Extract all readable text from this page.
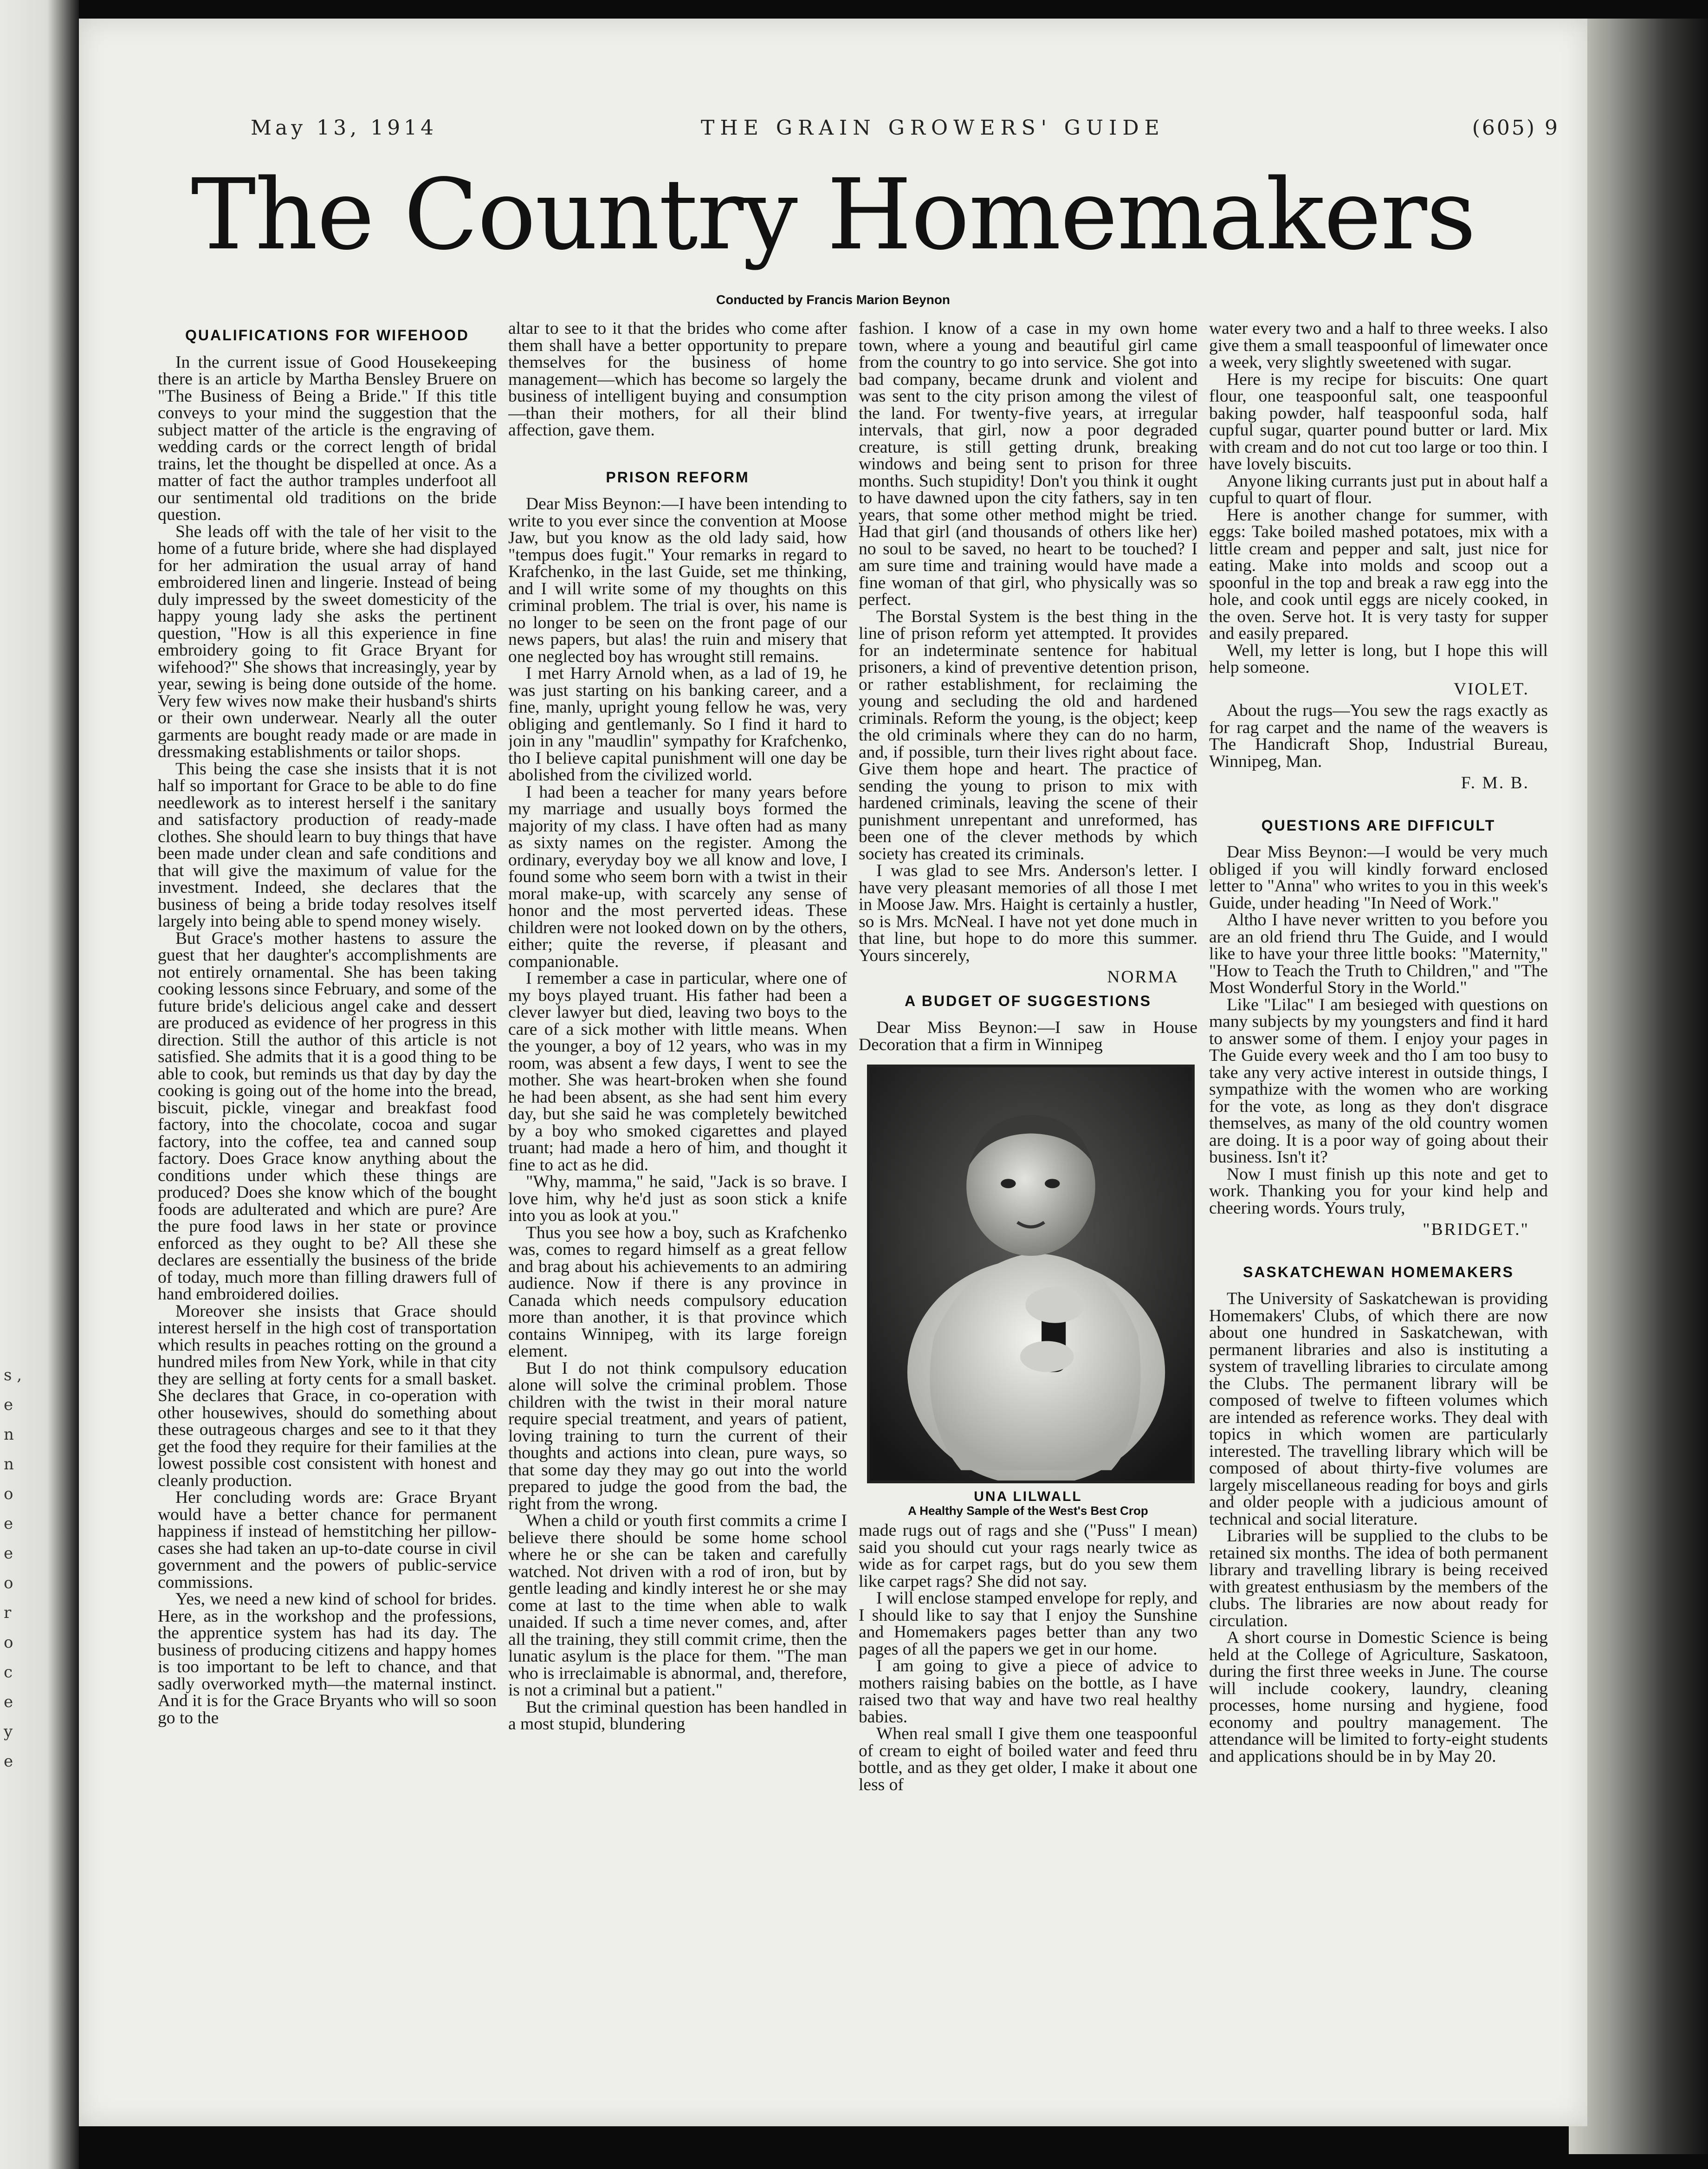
s , e n n o e e o r o c e y e
May 13, 1914	THE GRAIN GROWERS' GUIDE	(605) 9
The Country Homemakers
Conducted by Francis Marion Beynon
QUALIFICATIONS FOR WIFEHOOD

In the current issue of Good Housekeeping there is an article by Martha Bensley Bruere on "The Business of Being a Bride." If this title conveys to your mind the suggestion that the subject matter of the article is the engraving of wedding cards or the correct length of bridal trains, let the thought be dispelled at once. As a matter of fact the author tramples underfoot all our sentimental old traditions on the bride question.

She leads off with the tale of her visit to the home of a future bride, where she had displayed for her admiration the usual array of hand embroidered linen and lingerie. Instead of being duly impressed by the sweet domesticity of the happy young lady she asks the pertinent question, "How is all this experience in fine embroidery going to fit Grace Bryant for wifehood?" She shows that increasingly, year by year, sewing is being done outside of the home. Very few wives now make their husband's shirts or their own underwear. Nearly all the outer garments are bought ready made or are made in dressmaking establishments or tailor shops.

This being the case she insists that it is not half so important for Grace to be able to do fine needlework as to interest herself i the sanitary and satisfactory production of ready-made clothes. She should learn to buy things that have been made under clean and safe conditions and that will give the maximum of value for the investment. Indeed, she declares that the business of being a bride today resolves itself largely into being able to spend money wisely.

But Grace's mother hastens to assure the guest that her daughter's accomplishments are not entirely ornamental. She has been taking cooking lessons since February, and some of the future bride's delicious angel cake and dessert are produced as evidence of her progress in this direction. Still the author of this article is not satisfied. She admits that it is a good thing to be able to cook, but reminds us that day by day the cooking is going out of the home into the bread, biscuit, pickle, vinegar and breakfast food factory, into the chocolate, cocoa and sugar factory, into the coffee, tea and canned soup factory. Does Grace know anything about the conditions under which these things are produced? Does she know which of the bought foods are adulterated and which are pure? Are the pure food laws in her state or province enforced as they ought to be? All these she declares are essentially the business of the bride of today, much more than filling drawers full of hand embroidered doilies.

Moreover she insists that Grace should interest herself in the high cost of transportation which results in peaches rotting on the ground a hundred miles from New York, while in that city they are selling at forty cents for a small basket. She declares that Grace, in co-operation with other housewives, should do something about these outrageous charges and see to it that they get the food they require for their families at the lowest possible cost consistent with honest and cleanly production.

Her concluding words are: Grace Bryant would have a better chance for permanent happiness if instead of hemstitching her pillow-cases she had taken an up-to-date course in civil government and the powers of public-service commissions.

Yes, we need a new kind of school for brides. Here, as in the workshop and the professions, the apprentice system has had its day. The business of producing citizens and happy homes is too important to be left to chance, and that sadly overworked myth—the maternal instinct. And it is for the Grace Bryants who will so soon go to the

altar to see to it that the brides who come after them shall have a better opportunity to prepare themselves for the business of home management—which has become so largely the business of intelligent buying and consumption—than their mothers, for all their blind affection, gave them.

PRISON REFORM

Dear Miss Beynon:—I have been intending to write to you ever since the convention at Moose Jaw, but you know as the old lady said, how "tempus does fugit." Your remarks in regard to Krafchenko, in the last Guide, set me thinking, and I will write some of my thoughts on this criminal problem. The trial is over, his name is no longer to be seen on the front page of our news papers, but alas! the ruin and misery that one neglected boy has wrought still remains.

I met Harry Arnold when, as a lad of 19, he was just starting on his banking career, and a fine, manly, upright young fellow he was, very obliging and gentlemanly. So I find it hard to join in any "maudlin" sympathy for Krafchenko, tho I believe capital punishment will one day be abolished from the civilized world.

I had been a teacher for many years before my marriage and usually boys formed the majority of my class. I have often had as many as sixty names on the register. Among the ordinary, everyday boy we all know and love, I found some who seem born with a twist in their moral make-up, with scarcely any sense of honor and the most perverted ideas. These children were not looked down on by the others, either; quite the reverse, if pleasant and companionable.

I remember a case in particular, where one of my boys played truant. His father had been a clever lawyer but died, leaving two boys to the care of a sick mother with little means. When the younger, a boy of 12 years, who was in my room, was absent a few days, I went to see the mother. She was heart-broken when she found he had been absent, as she had sent him every day, but she said he was completely bewitched by a boy who smoked cigarettes and played truant; had made a hero of him, and thought it fine to act as he did.

"Why, mamma," he said, "Jack is so brave. I love him, why he'd just as soon stick a knife into you as look at you."

Thus you see how a boy, such as Krafchenko was, comes to regard himself as a great fellow and brag about his achievements to an admiring audience. Now if there is any province in Canada which needs compulsory education more than another, it is that province which contains Winnipeg, with its large foreign element.

But I do not think compulsory education alone will solve the criminal problem. Those children with the twist in their moral nature require special treatment, and years of patient, loving training to turn the current of their thoughts and actions into clean, pure ways, so that some day they may go out into the world prepared to judge the good from the bad, the right from the wrong.

When a child or youth first commits a crime I believe there should be some home school where he or she can be taken and carefully watched. Not driven with a rod of iron, but by gentle leading and kindly interest he or she may come at last to the time when able to walk unaided. If such a time never comes, and, after all the training, they still commit crime, then the lunatic asylum is the place for them. "The man who is irreclaimable is abnormal, and, therefore, is not a criminal but a patient."

But the criminal question has been handled in a most stupid, blundering

fashion. I know of a case in my own home town, where a young and beautiful girl came from the country to go into service. She got into bad company, became drunk and violent and was sent to the city prison among the vilest of the land. For twenty-five years, at irregular intervals, that girl, now a poor degraded creature, is still getting drunk, breaking windows and being sent to prison for three months. Such stupidity! Don't you think it ought to have dawned upon the city fathers, say in ten years, that some other method might be tried. Had that girl (and thousands of others like her) no soul to be saved, no heart to be touched? I am sure time and training would have made a fine woman of that girl, who physically was so perfect.

The Borstal System is the best thing in the line of prison reform yet attempted. It provides for an indeterminate sentence for habitual prisoners, a kind of preventive detention prison, or rather establishment, for reclaiming the young and secluding the old and hardened criminals. Reform the young, is the object; keep the old criminals where they can do no harm, and, if possible, turn their lives right about face. Give them hope and heart. The practice of sending the young to prison to mix with hardened criminals, leaving the scene of their punishment unrepentant and unreformed, has been one of the clever methods by which society has created its criminals.

I was glad to see Mrs. Anderson's letter. I have very pleasant memories of all those I met in Moose Jaw. Mrs. Haight is certainly a hustler, so is Mrs. McNeal. I have not yet done much in that line, but hope to do more this summer. Yours sincerely,

NORMA
A BUDGET OF SUGGESTIONS

Dear Miss Beynon:—I saw in House Decoration that a firm in Winnipeg

UNA LILWALL
A Healthy Sample of the West's Best Crop

made rugs out of rags and she ("Puss" I mean) said you should cut your rags nearly twice as wide as for carpet rags, but do you sew them like carpet rags? She did not say.

I will enclose stamped envelope for reply, and I should like to say that I enjoy the Sunshine and Homemakers pages better than any two pages of all the papers we get in our home.

I am going to give a piece of advice to mothers raising babies on the bottle, as I have raised two that way and have two real healthy babies.

When real small I give them one teaspoonful of cream to eight of boiled water and feed thru bottle, and as they get older, I make it about one less of

water every two and a half to three weeks. I also give them a small teaspoonful of limewater once a week, very slightly sweetened with sugar.

Here is my recipe for biscuits: One quart flour, one teaspoonful salt, one teaspoonful baking powder, half teaspoonful soda, half cupful sugar, quarter pound butter or lard. Mix with cream and do not cut too large or too thin. I have lovely biscuits.

Anyone liking currants just put in about half a cupful to quart of flour.

Here is another change for summer, with eggs: Take boiled mashed potatoes, mix with a little cream and pepper and salt, just nice for eating. Make into molds and scoop out a spoonful in the top and break a raw egg into the hole, and cook until eggs are nicely cooked, in the oven. Serve hot. It is very tasty for supper and easily prepared.

Well, my letter is long, but I hope this will help someone.

VIOLET.

About the rugs—You sew the rags exactly as for rag carpet and the name of the weavers is The Handicraft Shop, Industrial Bureau, Winnipeg, Man.

F. M. B.
QUESTIONS ARE DIFFICULT

Dear Miss Beynon:—I would be very much obliged if you will kindly forward enclosed letter to "Anna" who writes to you in this week's Guide, under heading "In Need of Work."

Altho I have never written to you before you are an old friend thru The Guide, and I would like to have your three little books: "Maternity," "How to Teach the Truth to Children," and "The Most Wonderful Story in the World."

Like "Lilac" I am besieged with questions on many subjects by my youngsters and find it hard to answer some of them. I enjoy your pages in The Guide every week and tho I am too busy to take any very active interest in outside things, I sympathize with the women who are working for the vote, as long as they don't disgrace themselves, as many of the old country women are doing. It is a poor way of going about their business. Isn't it?

Now I must finish up this note and get to work. Thanking you for your kind help and cheering words. Yours truly,

"BRIDGET."
SASKATCHEWAN HOMEMAKERS

The University of Saskatchewan is providing Homemakers' Clubs, of which there are now about one hundred in Saskatchewan, with permanent libraries and also is instituting a system of travelling libraries to circulate among the Clubs. The permanent library will be composed of twelve to fifteen volumes which are intended as reference works. They deal with topics in which women are particularly interested. The travelling library which will be composed of about thirty-five volumes are largely miscellaneous reading for boys and girls and older people with a judicious amount of technical and social literature.

Libraries will be supplied to the clubs to be retained six months. The idea of both permanent library and travelling library is being received with greatest enthusiasm by the members of the clubs. The libraries are now about ready for circulation.

A short course in Domestic Science is being held at the College of Agriculture, Saskatoon, during the first three weeks in June. The course will include cookery, laundry, cleaning processes, home nursing and hygiene, food economy and poultry management. The attendance will be limited to forty-eight students and applications should be in by May 20.
